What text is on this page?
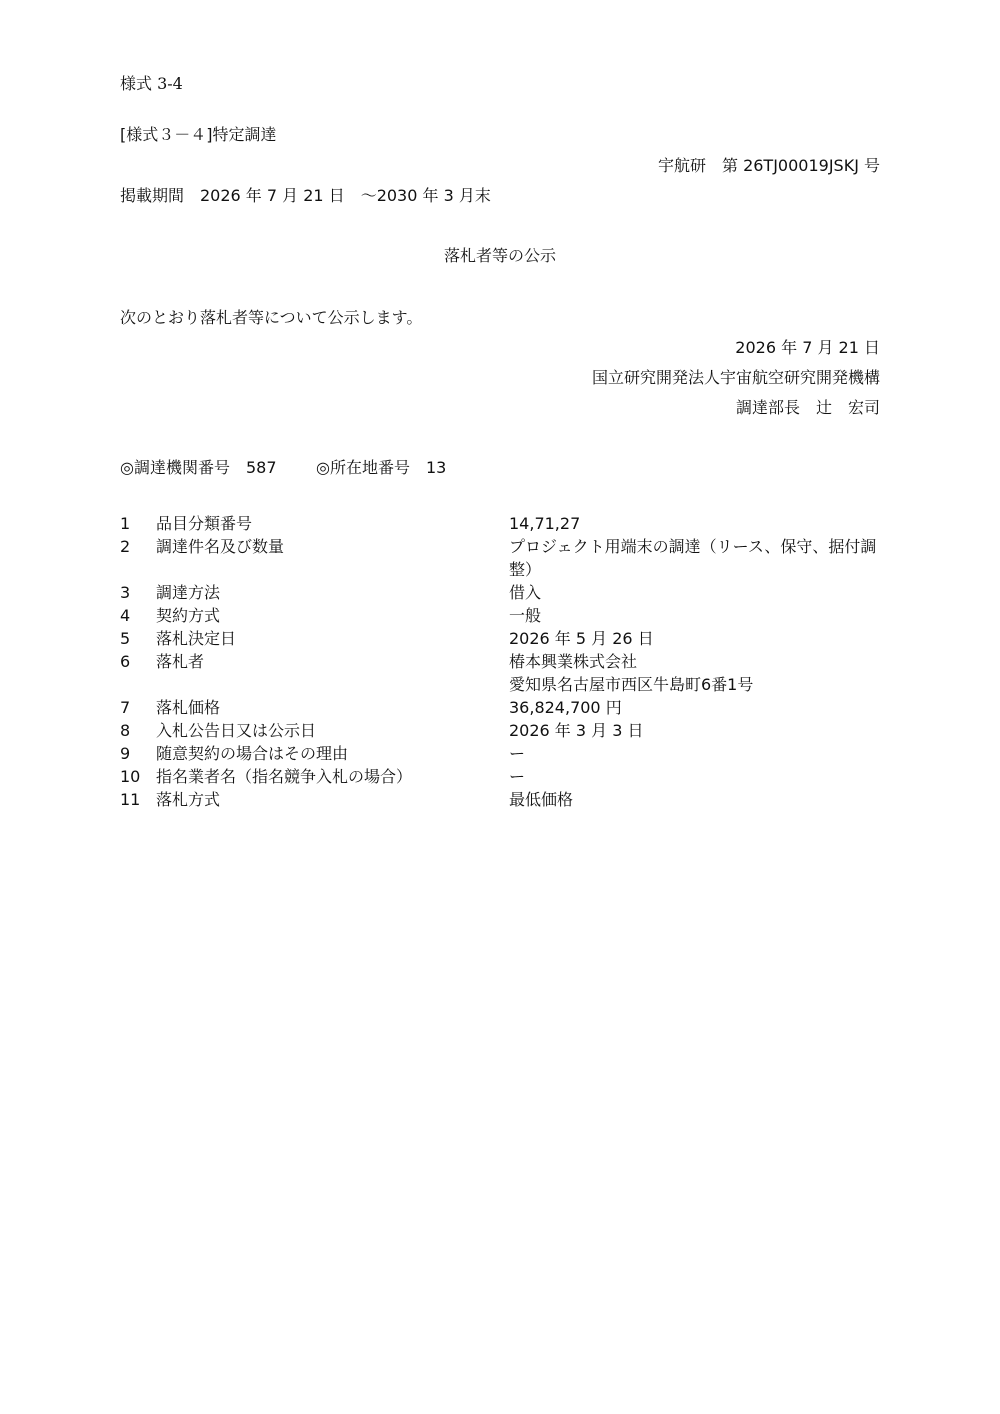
様式 3-4
[様式３－４]特定調達
宇航研　第 26TJ00019JSKJ 号
掲載期間　2026 年 7 月 21 日　～2030 年 3 月末
落札者等の公示
次のとおり落札者等について公示します。
2026 年 7 月 21 日
国立研究開発法人宇宙航空研究開発機構
調達部長　辻　宏司
◎調達機関番号　587 ◎所在地番号　13
1 品目分類番号	14,71,27
2 調達件名及び数量	プロジェクト用端末の調達（リース、保守、据付調
整）
3 調達方法	借入
4 契約方式	一般
5 落札決定日	2026 年 5 月 26 日
6 落札者	椿本興業株式会社
愛知県名古屋市西区牛島町6番1号
7 落札価格	36,824,700 円
8 入札公告日又は公示日	2026 年 3 月 3 日
9 随意契約の場合はその理由	ー
10 指名業者名（指名競争入札の場合）	ー
11 落札方式	最低価格
